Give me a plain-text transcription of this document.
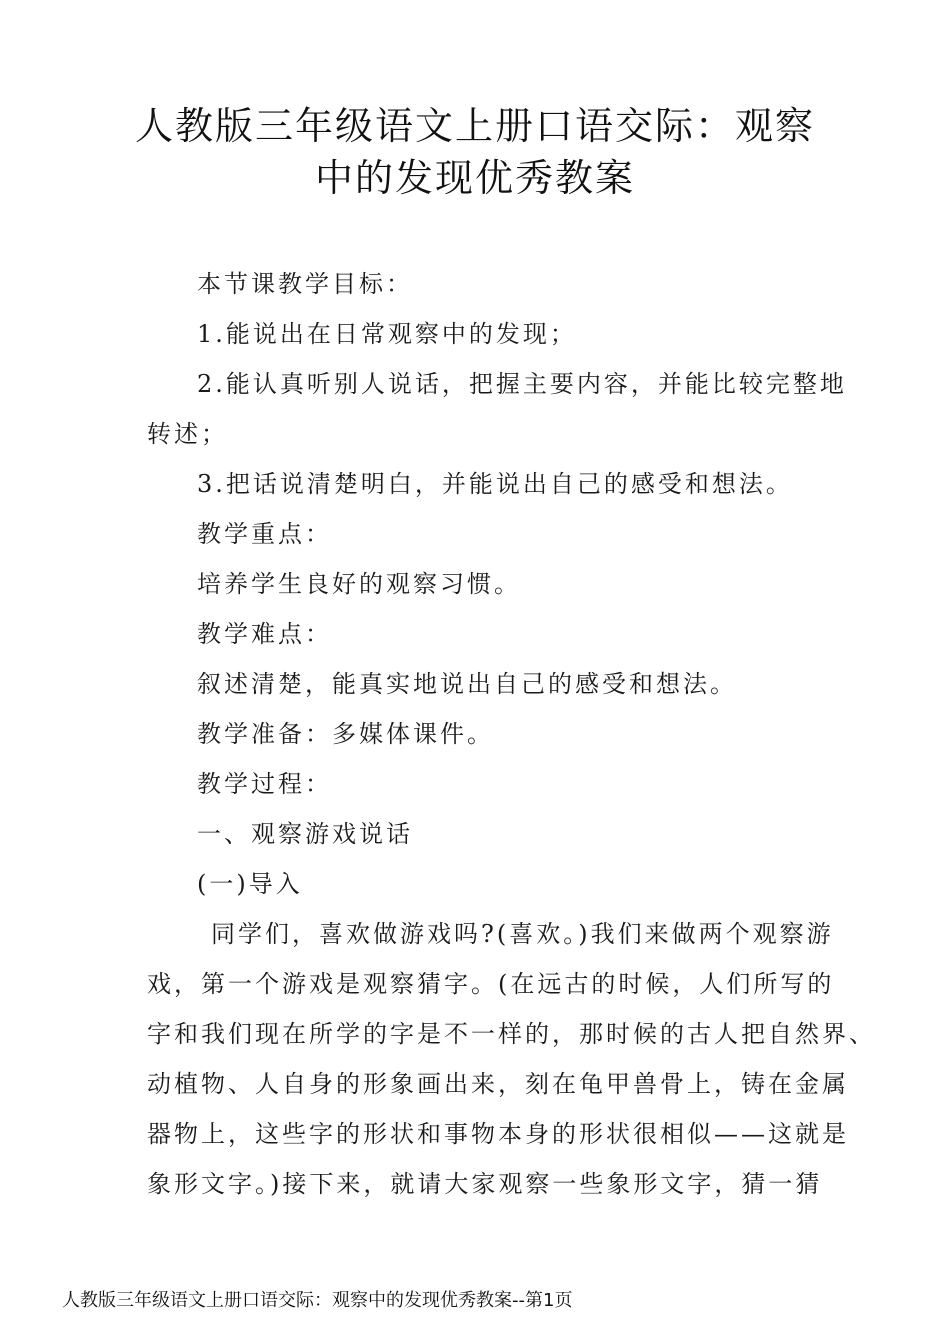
人教版三年级语文上册口语交际：观察
中的发现优秀教案
本节课教学目标：
1.能说出在日常观察中的发现；
2.能认真听别人说话，把握主要内容，并能比较完整地
转述；
3.把话说清楚明白，并能说出自己的感受和想法。
教学重点：
培养学生良好的观察习惯。
教学难点：
叙述清楚，能真实地说出自己的感受和想法。
教学准备：多媒体课件。
教学过程：
一、观察游戏说话
(一)导入
同学们，喜欢做游戏吗?(喜欢。)我们来做两个观察游
戏，第一个游戏是观察猜字。(在远古的时候，人们所写的
字和我们现在所学的字是不一样的，那时候的古人把自然界、
动植物、人自身的形象画出来，刻在龟甲兽骨上，铸在金属
器物上，这些字的形状和事物本身的形状很相似——这就是
象形文字。)接下来，就请大家观察一些象形文字，猜一猜
人教版三年级语文上册口语交际：观察中的发现优秀教案--第1页
